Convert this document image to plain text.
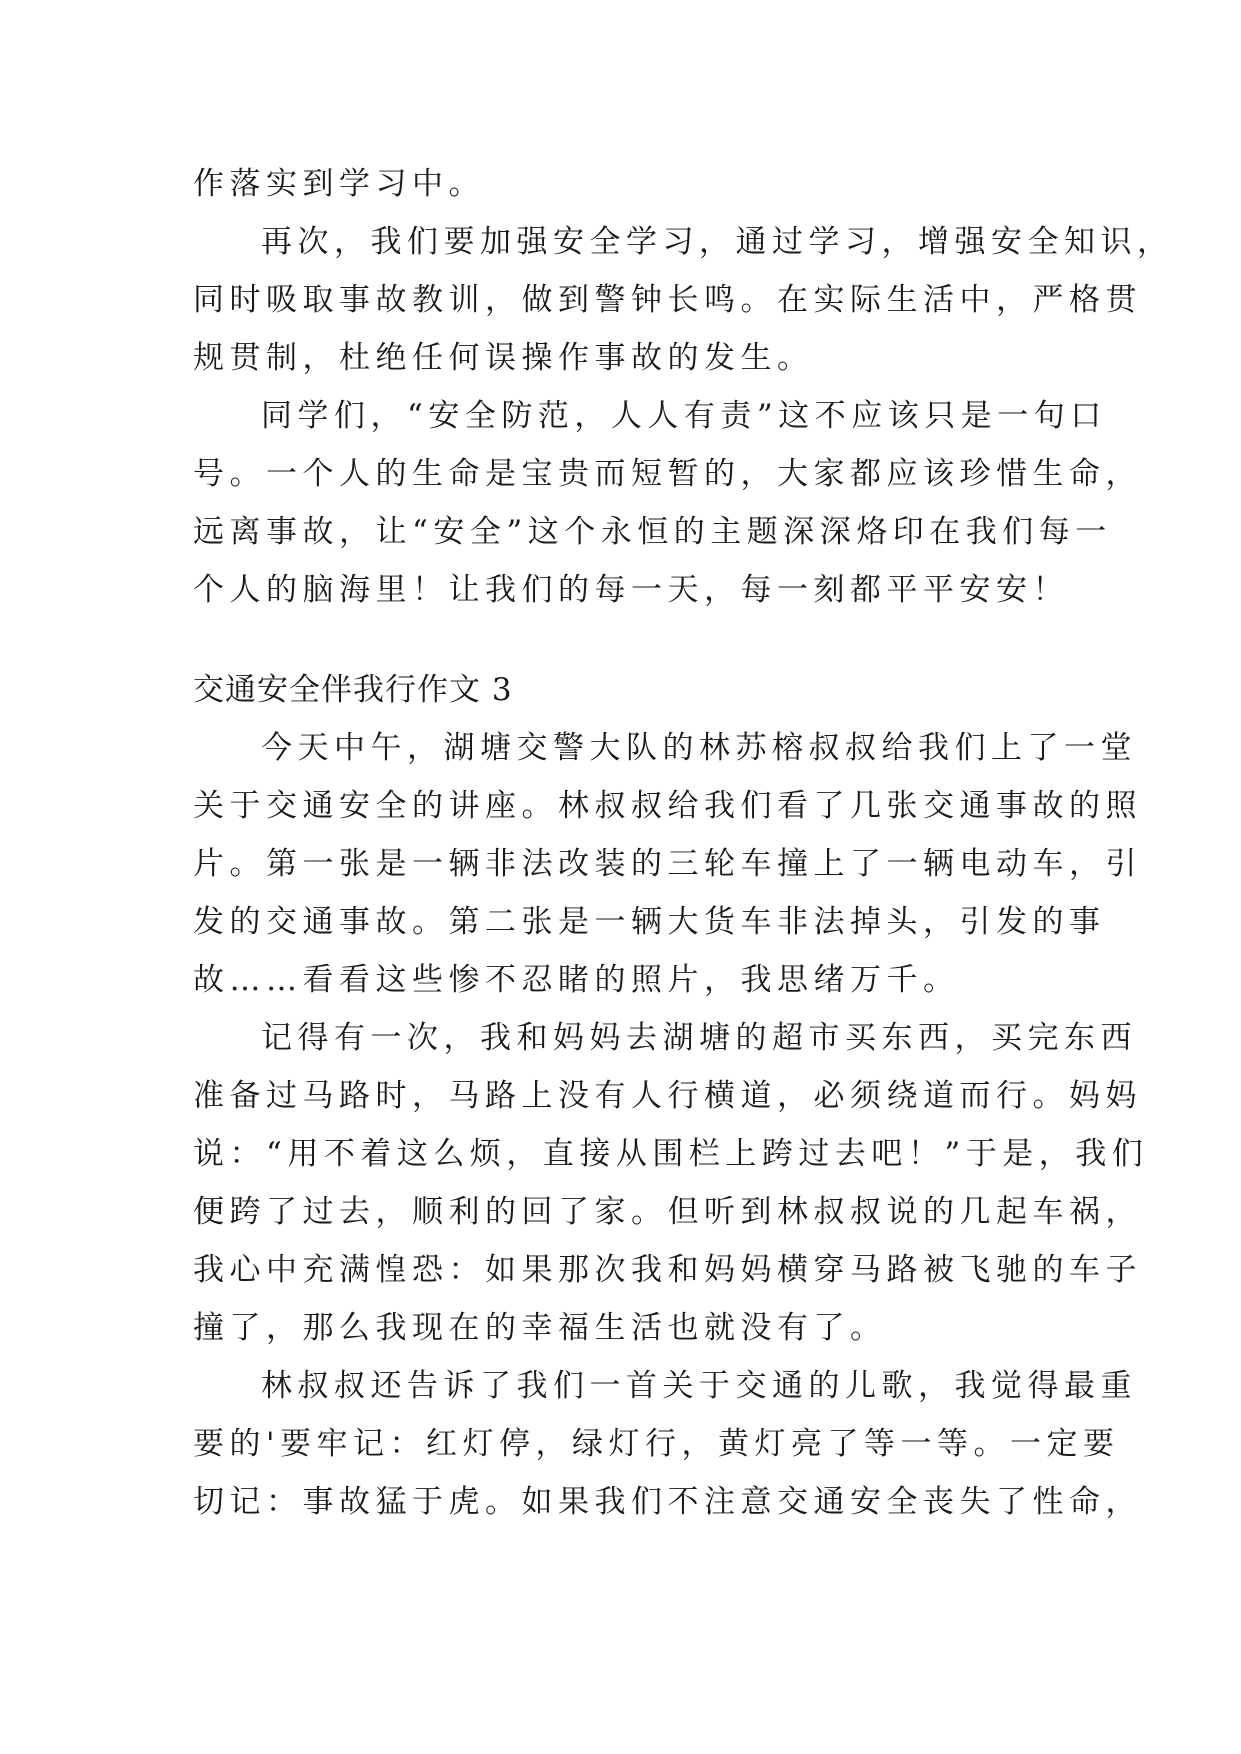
作落实到学习中。

再次，我们要加强安全学习，通过学习，增强安全知识，

同时吸取事故教训，做到警钟长鸣。在实际生活中，严格贯

规贯制，杜绝任何误操作事故的发生。

同学们，“安全防范，人人有责”这不应该只是一句口

号。一个人的生命是宝贵而短暂的，大家都应该珍惜生命，

远离事故，让“安全”这个永恒的主题深深烙印在我们每一

个人的脑海里！让我们的每一天，每一刻都平平安安！

交通安全伴我行作文 3

今天中午，湖塘交警大队的林苏榕叔叔给我们上了一堂

关于交通安全的讲座。林叔叔给我们看了几张交通事故的照

片。第一张是一辆非法改装的三轮车撞上了一辆电动车，引

发的交通事故。第二张是一辆大货车非法掉头，引发的事

故……看看这些惨不忍睹的照片，我思绪万千。

记得有一次，我和妈妈去湖塘的超市买东西，买完东西

准备过马路时，马路上没有人行横道，必须绕道而行。妈妈

说：“用不着这么烦，直接从围栏上跨过去吧！”于是，我们

便跨了过去，顺利的回了家。但听到林叔叔说的几起车祸，

我心中充满惶恐：如果那次我和妈妈横穿马路被飞驰的车子

撞了，那么我现在的幸福生活也就没有了。

林叔叔还告诉了我们一首关于交通的儿歌，我觉得最重

要的'要牢记：红灯停，绿灯行，黄灯亮了等一等。一定要

切记：事故猛于虎。如果我们不注意交通安全丧失了性命，
